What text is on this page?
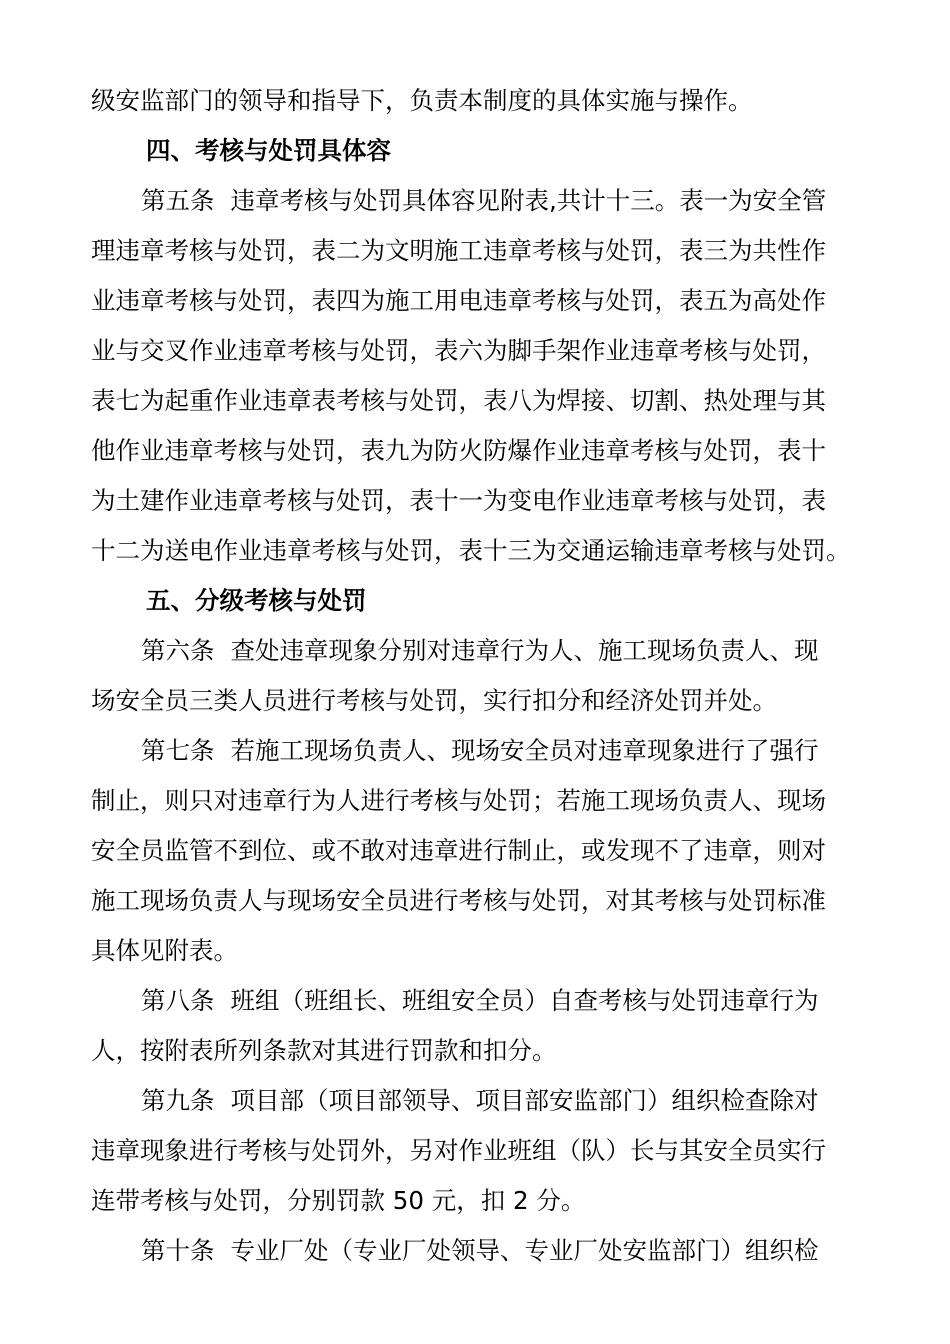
级安监部门的领导和指导下，负责本制度的具体实施与操作。
四、考核与处罚具体容
第五条 违章考核与处罚具体容见附表,共计十三。表一为安全管
理违章考核与处罚，表二为文明施工违章考核与处罚，表三为共性作
业违章考核与处罚，表四为施工用电违章考核与处罚，表五为高处作
业与交叉作业违章考核与处罚，表六为脚手架作业违章考核与处罚，
表七为起重作业违章表考核与处罚，表八为焊接、切割、热处理与其
他作业违章考核与处罚，表九为防火防爆作业违章考核与处罚，表十
为土建作业违章考核与处罚，表十一为变电作业违章考核与处罚，表
十二为送电作业违章考核与处罚，表十三为交通运输违章考核与处罚。
五、分级考核与处罚
第六条 查处违章现象分别对违章行为人、施工现场负责人、现
场安全员三类人员进行考核与处罚，实行扣分和经济处罚并处。
第七条 若施工现场负责人、现场安全员对违章现象进行了强行
制止，则只对违章行为人进行考核与处罚；若施工现场负责人、现场
安全员监管不到位、或不敢对违章进行制止，或发现不了违章，则对
施工现场负责人与现场安全员进行考核与处罚，对其考核与处罚标准
具体见附表。
第八条 班组（班组长、班组安全员）自查考核与处罚违章行为
人，按附表所列条款对其进行罚款和扣分。
第九条 项目部（项目部领导、项目部安监部门）组织检查除对
违章现象进行考核与处罚外，另对作业班组（队）长与其安全员实行
连带考核与处罚，分别罚款 50 元，扣 2 分。
第十条 专业厂处（专业厂处领导、专业厂处安监部门）组织检
